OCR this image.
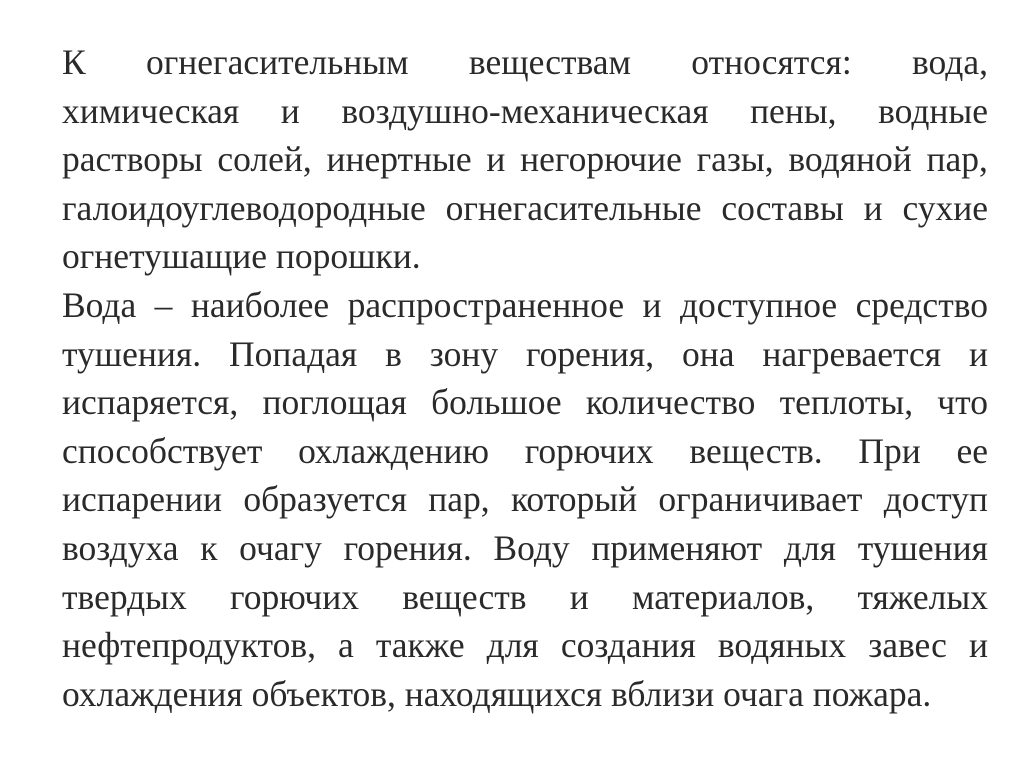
К огнегасительным веществам относятся: вода,
химическая и воздушно-механическая пены, водные
растворы солей, инертные и негорючие газы, водяной пар,
галоидоуглеводородные огнегасительные составы и сухие
огнетушащие порошки.
Вода – наиболее распространенное и доступное средство
тушения. Попадая в зону горения, она нагревается и
испаряется, поглощая большое количество теплоты, что
способствует охлаждению горючих веществ. При ее
испарении образуется пар, который ограничивает доступ
воздуха к очагу горения. Воду применяют для тушения
твердых горючих веществ и материалов, тяжелых
нефтепродуктов, а также для создания водяных завес и
охлаждения объектов, находящихся вблизи очага пожара.
